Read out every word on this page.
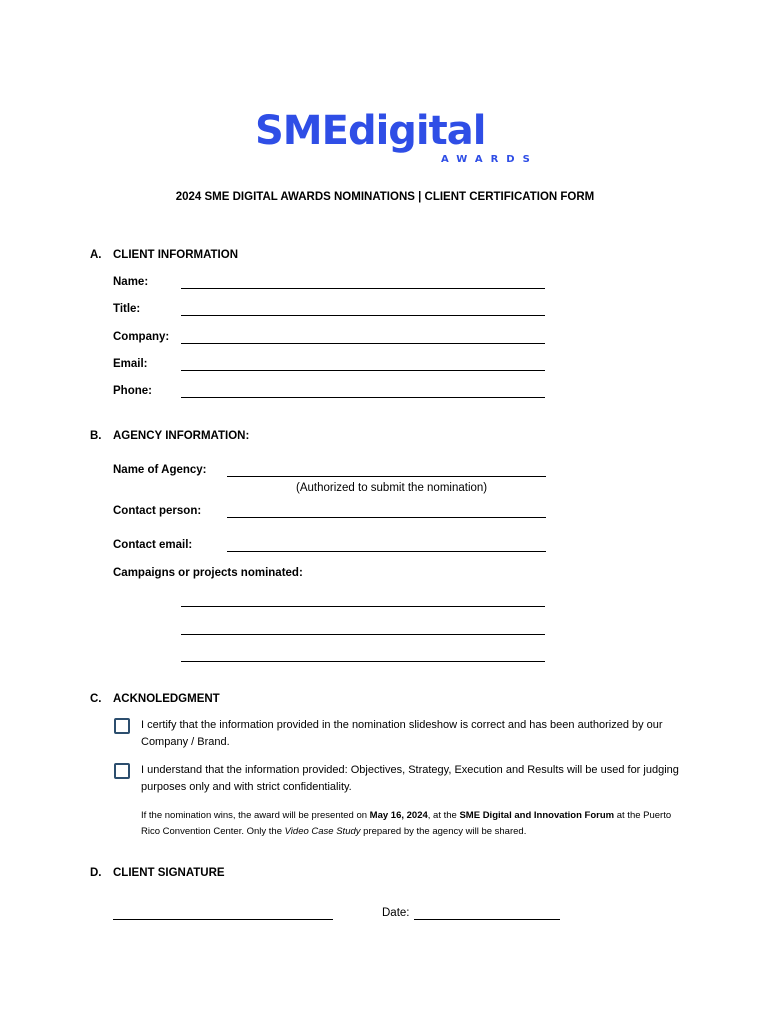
SMEdigital
AWARDS
2024 SME DIGITAL AWARDS NOMINATIONS | CLIENT CERTIFICATION FORM
A. CLIENT INFORMATION
Name:
Title:
Company:
Email:
Phone:
B. AGENCY INFORMATION:
Name of Agency:
(Authorized to submit the nomination)
Contact person:
Contact email:
Campaigns or projects nominated:
C. ACKNOLEDGMENT
I certify that the information provided in the nomination slideshow is correct and has been authorized by our Company / Brand.
I understand that the information provided: Objectives, Strategy, Execution and Results will be used for judging purposes only and with strict confidentiality.
If the nomination wins, the award will be presented on May 16, 2024, at the SME Digital and Innovation Forum at the Puerto Rico Convention Center. Only the Video Case Study prepared by the agency will be shared.
D. CLIENT SIGNATURE
Date:
